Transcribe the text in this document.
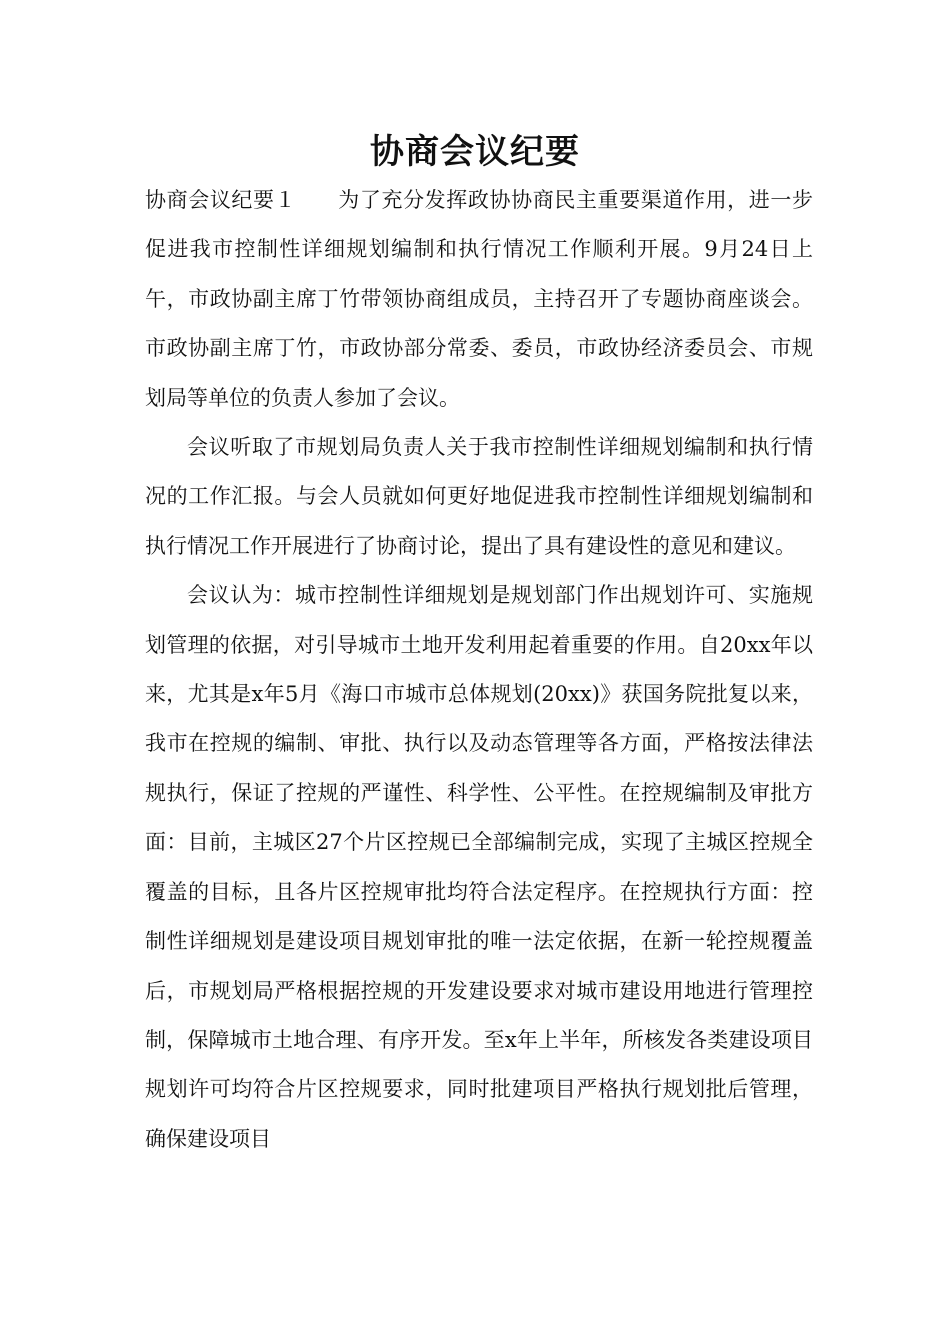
协商会议纪要

协商会议纪要１ 为了充分发挥政协协商民主重要渠道作用，进一步促进我市控制性详细规划编制和执行情况工作顺利开展。9月24日上午，市政协副主席丁竹带领协商组成员，主持召开了专题协商座谈会。市政协副主席丁竹，市政协部分常委、委员，市政协经济委员会、市规划局等单位的负责人参加了会议。

会议听取了市规划局负责人关于我市控制性详细规划编制和执行情况的工作汇报。与会人员就如何更好地促进我市控制性详细规划编制和执行情况工作开展进行了协商讨论，提出了具有建设性的意见和建议。

会议认为：城市控制性详细规划是规划部门作出规划许可、实施规划管理的依据，对引导城市土地开发利用起着重要的作用。自20xx年以来，尤其是x年5月《海口市城市总体规划(20xx)》获国务院批复以来，我市在控规的编制、审批、执行以及动态管理等各方面，严格按法律法规执行，保证了控规的严谨性、科学性、公平性。在控规编制及审批方面：目前，主城区27个片区控规已全部编制完成，实现了主城区控规全覆盖的目标，且各片区控规审批均符合法定程序。在控规执行方面：控制性详细规划是建设项目规划审批的唯一法定依据，在新一轮控规覆盖后，市规划局严格根据控规的开发建设要求对城市建设用地进行管理控制，保障城市土地合理、有序开发。至x年上半年，所核发各类建设项目规划许可均符合片区控规要求，同时批建项目严格执行规划批后管理，确保建设项目
